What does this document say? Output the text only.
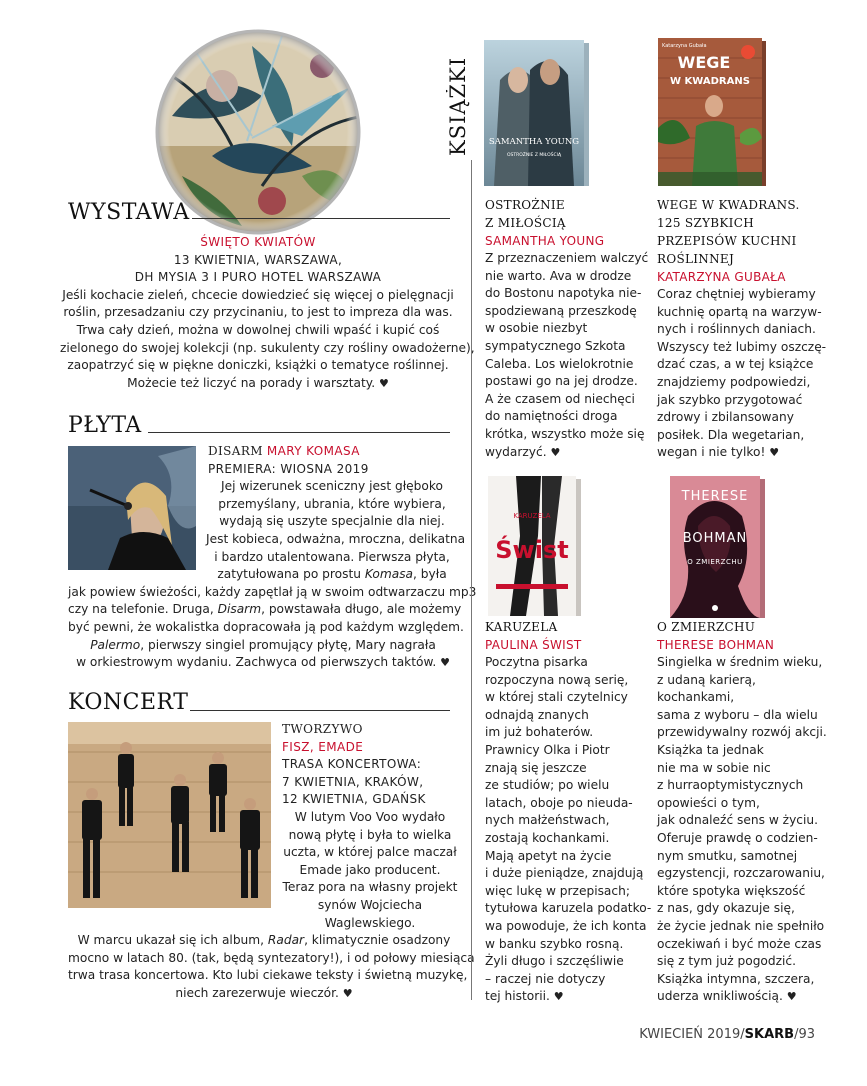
WYSTAWA
ŚWIĘTO KWIATÓW
13 KWIETNIA, WARSZAWA,
DH MYSIA 3 I PURO HOTEL WARSZAWA
Jeśli kochacie zieleń, chcecie dowiedzieć się więcej o pielęgnacji
roślin, przesadzaniu czy przycinaniu, to jest to impreza dla was.
Trwa cały dzień, można w dowolnej chwili wpaść i kupić coś
zielonego do swojej kolekcji (np. sukulenty czy rośliny owadożerne),
zaopatrzyć się w piękne doniczki, książki o tematyce roślinnej.
Możecie też liczyć na porady i warsztaty. ♥
PŁYTA
DISARM MARY KOMASA
PREMIERA: WIOSNA 2019
Jej wizerunek sceniczny jest głęboko
przemyślany, ubrania, które wybiera,
wydają się uszyte specjalnie dla niej.
Jest kobieca, odważna, mroczna, delikatna
i bardzo utalentowana. Pierwsza płyta,
zatytułowana po prostu Komasa, była
jak powiew świeżości, każdy zapętlał ją w swoim odtwarzaczu mp3
czy na telefonie. Druga, Disarm, powstawała długo, ale możemy
być pewni, że wokalistka dopracowała ją pod każdym względem.
Palermo, pierwszy singiel promujący płytę, Mary nagrała
w orkiestrowym wydaniu. Zachwyca od pierwszych taktów. ♥
KONCERT
TWORZYWO
FISZ, EMADE
TRASA KONCERTOWA:
7 KWIETNIA, KRAKÓW,
12 KWIETNIA, GDAŃSK
W lutym Voo Voo wydało
nową płytę i była to wielka
uczta, w której palce maczał
Emade jako producent.
Teraz pora na własny projekt
synów Wojciecha
Waglewskiego.
W marcu ukazał się ich album, Radar, klimatycznie osadzony
mocno w latach 80. (tak, będą syntezatory!), i od połowy miesiąca
trwa trasa koncertowa. Kto lubi ciekawe teksty i świetną muzykę,
niech zarezerwuje wieczór. ♥
KSIĄŻKI SAMANTHA YOUNG
OSTROŻNIE Z MIŁOŚCIĄ
Katarzyna Gubała
WEGE
W KWADRANS
KARUZELA
Świst
THERESE
BOHMAN
O ZMIERZCHU
OSTROŻNIE
Z MIŁOŚCIĄ
SAMANTHA YOUNG
Z przeznaczeniem walczyć
nie warto. Ava w drodze
do Bostonu napotyka nie-
spodziewaną przeszkodę
w osobie niezbyt
sympatycznego Szkota
Caleba. Los wielokrotnie
postawi go na jej drodze.
A że czasem od niechęci
do namiętności droga
krótka, wszystko może się
wydarzyć. ♥
WEGE W KWADRANS.
125 SZYBKICH
PRZEPISÓW KUCHNI
ROŚLINNEJ
KATARZYNA GUBAŁA
Coraz chętniej wybieramy
kuchnię opartą na warzyw-
nych i roślinnych daniach.
Wszyscy też lubimy oszczę-
dzać czas, a w tej książce
znajdziemy podpowiedzi,
jak szybko przygotować
zdrowy i zbilansowany
posiłek. Dla wegetarian,
wegan i nie tylko! ♥
KARUZELA
PAULINA ŚWIST
Poczytna pisarka
rozpoczyna nową serię,
w której stali czytelnicy
odnajdą znanych
im już bohaterów.
Prawnicy Olka i Piotr
znają się jeszcze
ze studiów; po wielu
latach, oboje po nieuda-
nych małżeństwach,
zostają kochankami.
Mają apetyt na życie
i duże pieniądze, znajdują
więc lukę w przepisach;
tytułowa karuzela podatko-
wa powoduje, że ich konta
w banku szybko rosną.
Żyli długo i szczęśliwie
– raczej nie dotyczy
tej historii. ♥
O ZMIERZCHU
THERESE BOHMAN
Singielka w średnim wieku,
z udaną karierą,
kochankami,
sama z wyboru – dla wielu
przewidywalny rozwój akcji.
Książka ta jednak
nie ma w sobie nic
z hurraoptymistycznych
opowieści o tym,
jak odnaleźć sens w życiu.
Oferuje prawdę o codzien-
nym smutku, samotnej
egzystencji, rozczarowaniu,
które spotyka większość
z nas, gdy okazuje się,
że życie jednak nie spełniło
oczekiwań i być może czas
się z tym już pogodzić.
Książka intymna, szczera,
uderza wnikliwością. ♥
KWIECIEŃ 2019/SKARB/93
